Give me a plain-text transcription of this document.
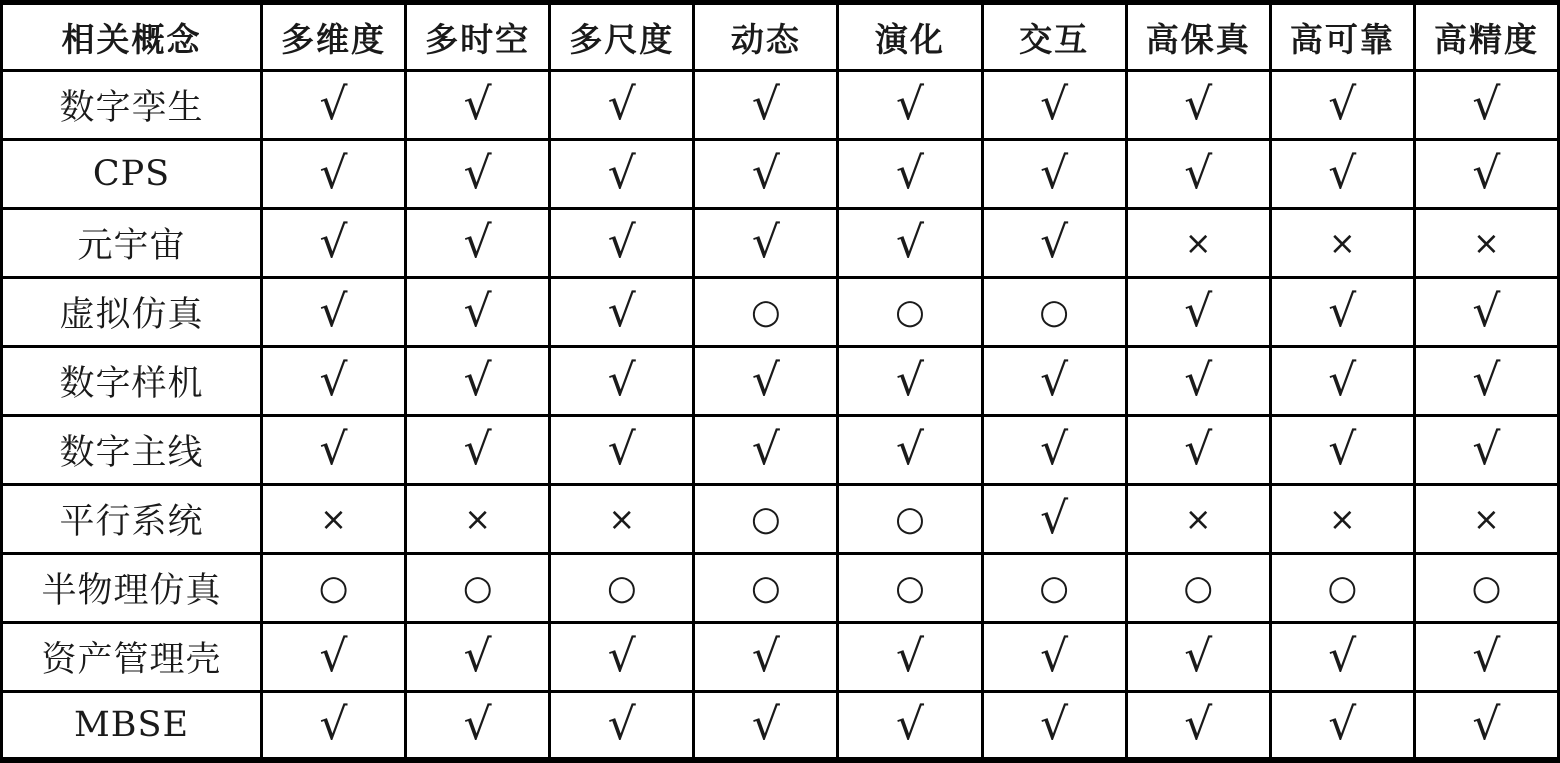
相关概念	多维度	多时空	多尺度	动态	演化	交互	高保真	高可靠	高精度
数字孪生	√	√	√	√	√	√	√	√	√
CPS	√	√	√	√	√	√	√	√	√
元宇宙	√	√	√	√	√	√	×	×	×
虚拟仿真	√	√	√	○	○	○	√	√	√
数字样机	√	√	√	√	√	√	√	√	√
数字主线	√	√	√	√	√	√	√	√	√
平行系统	×	×	×	○	○	√	×	×	×
半物理仿真	○	○	○	○	○	○	○	○	○
资产管理壳	√	√	√	√	√	√	√	√	√
MBSE	√	√	√	√	√	√	√	√	√
